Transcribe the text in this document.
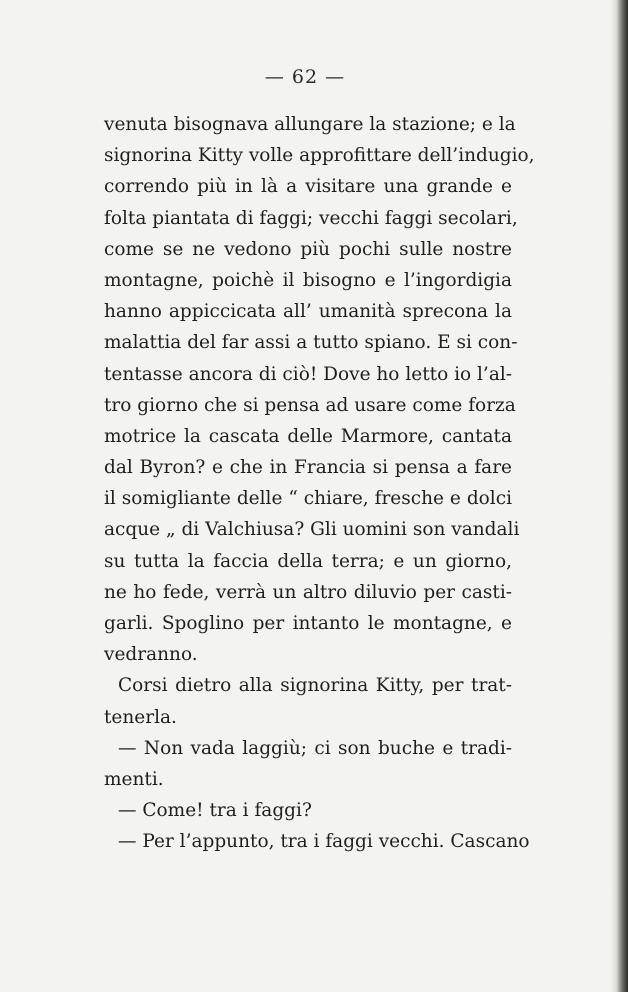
— 62 —
venuta bisognava allungare la stazione; e la
signorina Kitty volle approfittare dell’indugio,
correndo più in là a visitare una grande e
folta piantata di faggi; vecchi faggi secolari,
come se ne vedono più pochi sulle nostre
montagne, poichè il bisogno e l’ingordigia
hanno appiccicata all’ umanità sprecona la
malattia del far assi a tutto spiano. E si con-
tentasse ancora di ciò! Dove ho letto io l’al-
tro giorno che si pensa ad usare come forza
motrice la cascata delle Marmore, cantata
dal Byron? e che in Francia si pensa a fare
il somigliante delle “ chiare, fresche e dolci
acque „ di Valchiusa? Gli uomini son vandali
su tutta la faccia della terra; e un giorno,
ne ho fede, verrà un altro diluvio per casti-
garli. Spoglino per intanto le montagne, e
vedranno.
Corsi dietro alla signorina Kitty, per trat-
tenerla.
— Non vada laggiù; ci son buche e tradi-
menti.
— Come! tra i faggi?
— Per l’appunto, tra i faggi vecchi. Cascano
